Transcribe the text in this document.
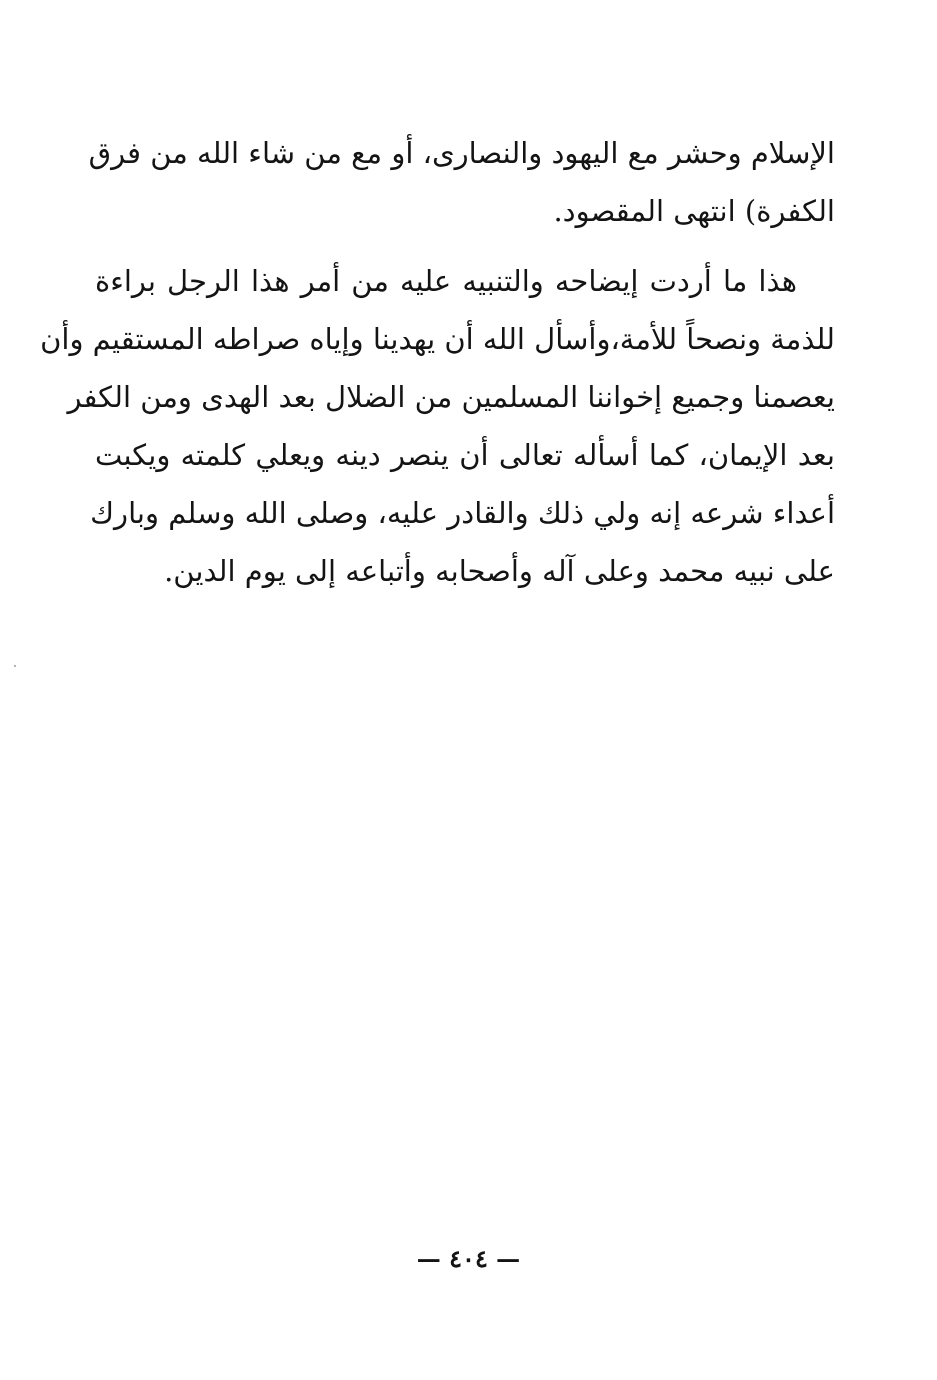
الإسلام وحشر مع اليهود والنصارى، أو مع من شاء الله من فرق
الكفرة) انتهى المقصود.
هذا ما أردت إيضاحه والتنبيه عليه من أمر هذا الرجل براءة
للذمة ونصحاً للأمة،وأسأل الله أن يهدينا وإياه صراطه المستقيم وأن
يعصمنا وجميع إخواننا المسلمين من الضلال بعد الهدى ومن الكفر
بعد الإيمان، كما أسأله تعالى أن ينصر دينه ويعلي كلمته ويكبت
أعداء شرعه إنه ولي ذلك والقادر عليه، وصلى الله وسلم وبارك
على نبيه محمد وعلى آله وأصحابه وأتباعه إلى يوم الدين.
— ٤٠٤ —
